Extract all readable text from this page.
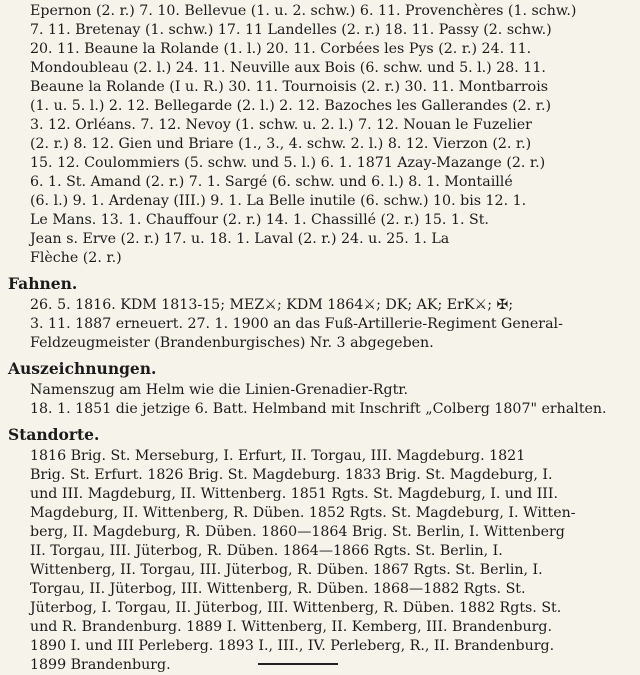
Epernon (2. r.) 7. 10. Bellevue (1. u. 2. schw.) 6. 11. Provenchères (1. schw.)

7. 11. Bretenay (1. schw.) 17. 11 Landelles (2. r.) 18. 11. Passy (2. schw.)

20. 11. Beaune la Rolande (1. l.) 20. 11. Corbées les Pys (2. r.) 24. 11.

Mondoubleau (2. l.) 24. 11. Neuville aux Bois (6. schw. und 5. l.) 28. 11.

Beaune la Rolande (I u. R.) 30. 11. Tournoisis (2. r.) 30. 11. Montbarrois

(1. u. 5. l.) 2. 12. Bellegarde (2. l.) 2. 12. Bazoches les Gallerandes (2. r.)

3. 12. Orléans. 7. 12. Nevoy (1. schw. u. 2. l.) 7. 12. Nouan le Fuzelier

(2. r.) 8. 12. Gien und Briare (1., 3., 4. schw. 2. l.) 8. 12. Vierzon (2. r.)

15. 12. Coulommiers (5. schw. und 5. l.) 6. 1. 1871 Azay-Mazange (2. r.)

6. 1. St. Amand (2. r.) 7. 1. Sargé (6. schw. und 6. l.) 8. 1. Montaillé

(6. l.) 9. 1. Ardenay (III.) 9. 1. La Belle inutile (6. schw.) 10. bis 12. 1.

Le Mans. 13. 1. Chauffour (2. r.) 14. 1. Chassillé (2. r.) 15. 1. St.

Jean s. Erve (2. r.) 17. u. 18. 1. Laval (2. r.) 24. u. 25. 1. La

Flèche (2. r.)

Fahnen.

26. 5. 1816. KDM 1813-15; MEZ⚔; KDM 1864⚔; DK; AK; ErK⚔; ✠;

3. 11. 1887 erneuert. 27. 1. 1900 an das Fuß-Artillerie-Regiment General-

Feldzeugmeister (Brandenburgisches) Nr. 3 abgegeben.

Auszeichnungen.

Namenszug am Helm wie die Linien-Grenadier-Rgtr.

18. 1. 1851 die jetzige 6. Batt. Helmband mit Inschrift „Colberg 1807" erhalten.

Standorte.

1816 Brig. St. Merseburg, I. Erfurt, II. Torgau, III. Magdeburg. 1821

Brig. St. Erfurt. 1826 Brig. St. Magdeburg. 1833 Brig. St. Magdeburg, I.

und III. Magdeburg, II. Wittenberg. 1851 Rgts. St. Magdeburg, I. und III.

Magdeburg, II. Wittenberg, R. Düben. 1852 Rgts. St. Magdeburg, I. Witten-

berg, II. Magdeburg, R. Düben. 1860—1864 Brig. St. Berlin, I. Wittenberg

II. Torgau, III. Jüterbog, R. Düben. 1864—1866 Rgts. St. Berlin, I.

Wittenberg, II. Torgau, III. Jüterbog, R. Düben. 1867 Rgts. St. Berlin, I.

Torgau, II. Jüterbog, III. Wittenberg, R. Düben. 1868—1882 Rgts. St.

Jüterbog, I. Torgau, II. Jüterbog, III. Wittenberg, R. Düben. 1882 Rgts. St.

und R. Brandenburg. 1889 I. Wittenberg, II. Kemberg, III. Brandenburg.

1890 I. und III Perleberg. 1893 I., III., IV. Perleberg, R., II. Brandenburg.

1899 Brandenburg.
